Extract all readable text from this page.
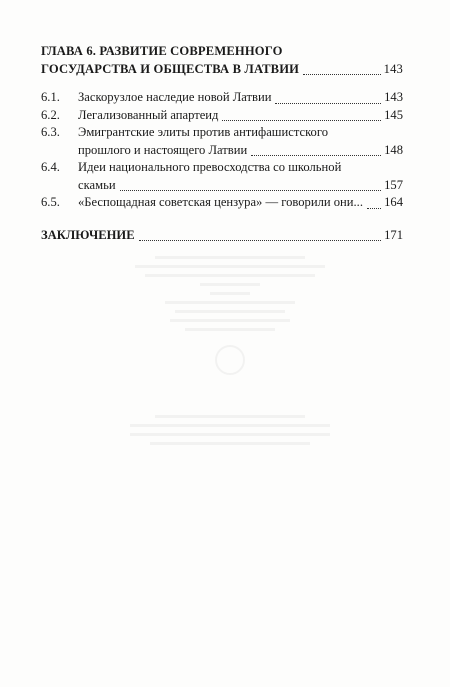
ГЛАВА 6. РАЗВИТИЕ СОВРЕМЕННОГО
ГОСУДАРСТВА И ОБЩЕСТВА В ЛАТВИИ	143
6.1.	Заскорузлое наследие новой Латвии	143
6.2.	Легализованный апартеид	145
6.3.	Эмигрантские элиты против антифашистского
прошлого и настоящего Латвии	148
6.4.	Идеи национального превосходства со школьной
скамьи	157
6.5.	«Беспощадная советская цензура» — говорили они... 164
ЗАКЛЮЧЕНИЕ	171
